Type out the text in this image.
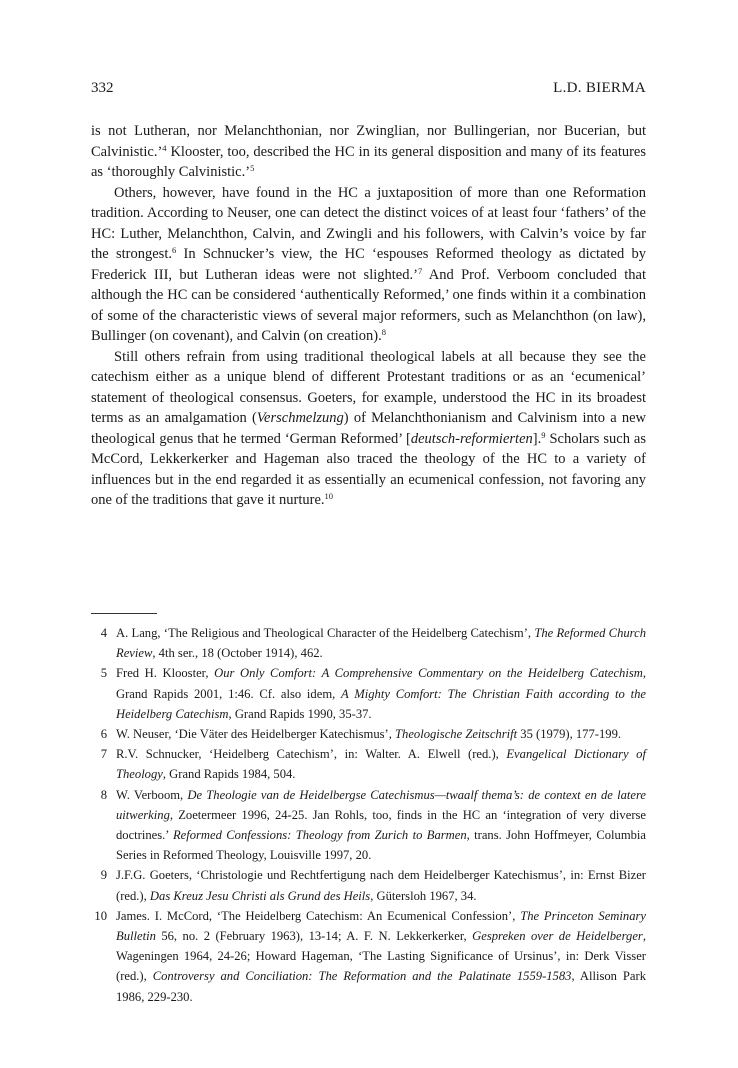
332	L.D. BIERMA

is not Lutheran, nor Melanchthonian, nor Zwinglian, nor Bullingerian, nor Bucerian, but Calvinistic.’$^4$ Klooster, too, described the HC in its general disposition and many of its features as ‘thoroughly Calvinistic.’$^5$

Others, however, have found in the HC a juxtaposition of more than one Reformation tradition. According to Neuser, one can detect the distinct voices of at least four ‘fathers’ of the HC: Luther, Melanchthon, Calvin, and Zwingli and his followers, with Calvin’s voice by far the strongest.$^6$ In Schnucker’s view, the HC ‘espouses Reformed theology as dictated by Frederick III, but Lutheran ideas were not slighted.’$^7$ And Prof. Verboom concluded that although the HC can be considered ‘authentically Reformed,’ one finds within it a combination of some of the characteristic views of several major reformers, such as Melanchthon (on law), Bullinger (on covenant), and Calvin (on creation).$^8$

Still others refrain from using traditional theological labels at all because they see the catechism either as a unique blend of different Protestant traditions or as an ‘ecumenical’ statement of theological consensus. Goeters, for example, understood the HC in its broadest terms as an amalgamation (Verschmelzung) of Melanchthonianism and Calvinism into a new theological genus that he termed ‘German Reformed’ [deutsch-reformierten].$^9$ Scholars such as McCord, Lekkerkerker and Hageman also traced the theology of the HC to a variety of influences but in the end regarded it as essentially an ecumenical confession, not favoring any one of the traditions that gave it nurture.$^{10}$

4 A. Lang, ‘The Religious and Theological Character of the Heidelberg Catechism’, The Reformed Church Review, 4th ser., 18 (October 1914), 462.
5 Fred H. Klooster, Our Only Comfort: A Comprehensive Commentary on the Heidelberg Catechism, Grand Rapids 2001, 1:46. Cf. also idem, A Mighty Comfort: The Christian Faith according to the Heidelberg Catechism, Grand Rapids 1990, 35-37.
6 W. Neuser, ‘Die Väter des Heidelberger Katechismus’, Theologische Zeitschrift 35 (1979), 177-199.
7 R.V. Schnucker, ‘Heidelberg Catechism’, in: Walter. A. Elwell (red.), Evangelical Dictionary of Theology, Grand Rapids 1984, 504.
8 W. Verboom, De Theologie van de Heidelbergse Catechismus—twaalf thema’s: de context en de latere uitwerking, Zoetermeer 1996, 24-25. Jan Rohls, too, finds in the HC an ‘integration of very diverse doctrines.’ Reformed Confessions: Theology from Zurich to Barmen, trans. John Hoffmeyer, Columbia Series in Reformed Theology, Louisville 1997, 20.
9 J.F.G. Goeters, ‘Christologie und Rechtfertigung nach dem Heidelberger Katechismus’, in: Ernst Bizer (red.), Das Kreuz Jesu Christi als Grund des Heils, Gütersloh 1967, 34.
10 James. I. McCord, ‘The Heidelberg Catechism: An Ecumenical Confession’, The Princeton Seminary Bulletin 56, no. 2 (February 1963), 13-14; A. F. N. Lekkerkerker, Gespreken over de Heidelberger, Wageningen 1964, 24-26; Howard Hageman, ‘The Lasting Significance of Ursinus’, in: Derk Visser (red.), Controversy and Conciliation: The Reformation and the Palatinate 1559-1583, Allison Park 1986, 229-230.
